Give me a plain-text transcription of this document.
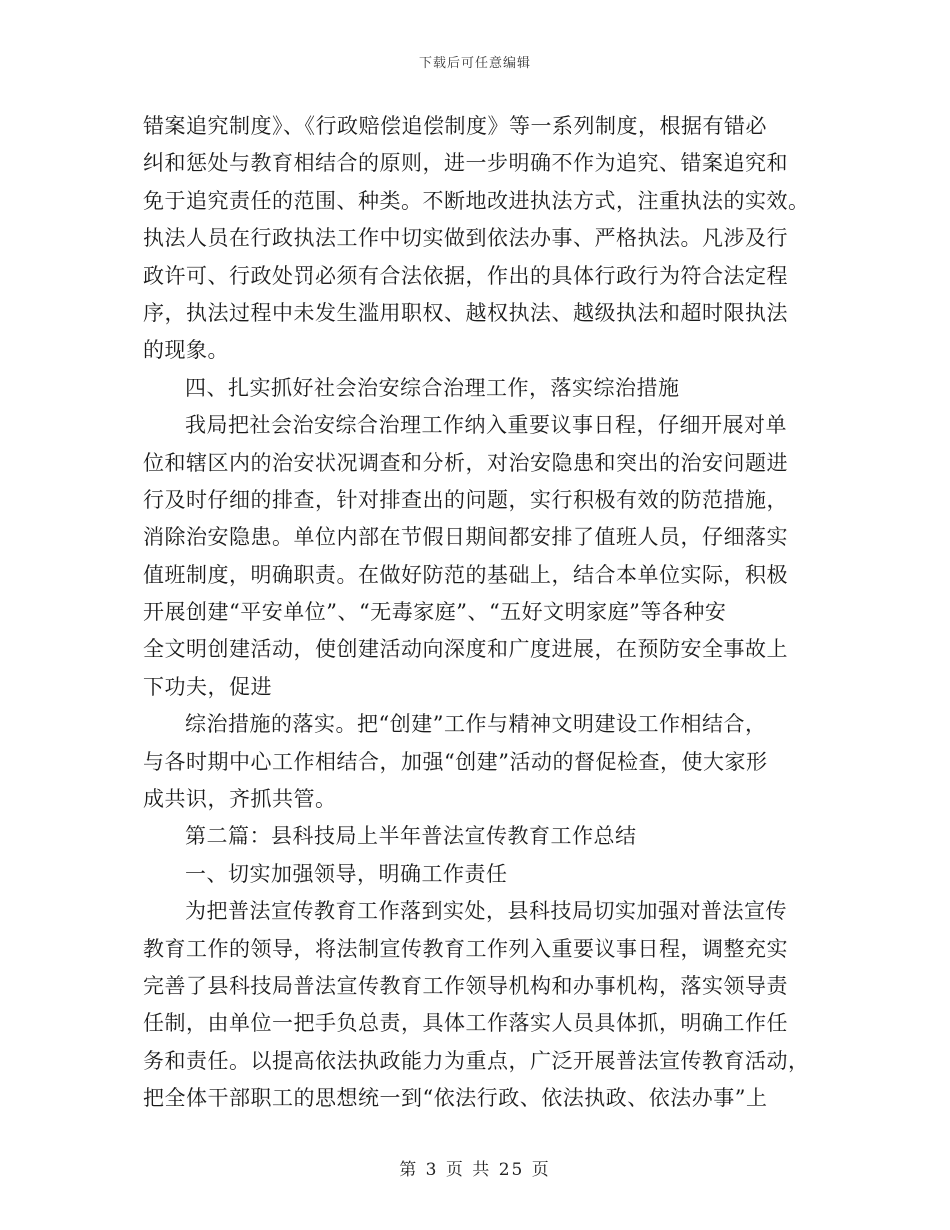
下载后可任意编辑
错案追究制度》、《行政赔偿追偿制度》等一系列制度，根据有错必
纠和惩处与教育相结合的原则，进一步明确不作为追究、错案追究和
免于追究责任的范围、种类。不断地改进执法方式，注重执法的实效。
执法人员在行政执法工作中切实做到依法办事、严格执法。凡涉及行
政许可、行政处罚必须有合法依据，作出的具体行政行为符合法定程
序，执法过程中未发生滥用职权、越权执法、越级执法和超时限执法
的现象。
四、扎实抓好社会治安综合治理工作，落实综治措施
我局把社会治安综合治理工作纳入重要议事日程，仔细开展对单
位和辖区内的治安状况调查和分析，对治安隐患和突出的治安问题进
行及时仔细的排查，针对排查出的问题，实行积极有效的防范措施，
消除治安隐患。单位内部在节假日期间都安排了值班人员，仔细落实
值班制度，明确职责。在做好防范的基础上，结合本单位实际，积极
开展创建“平安单位”、“无毒家庭”、“五好文明家庭”等各种安
全文明创建活动，使创建活动向深度和广度进展，在预防安全事故上
下功夫，促进
综治措施的落实。把“创建”工作与精神文明建设工作相结合，
与各时期中心工作相结合，加强“创建”活动的督促检查，使大家形
成共识，齐抓共管。
第二篇：县科技局上半年普法宣传教育工作总结
一、切实加强领导，明确工作责任
为把普法宣传教育工作落到实处，县科技局切实加强对普法宣传
教育工作的领导，将法制宣传教育工作列入重要议事日程，调整充实
完善了县科技局普法宣传教育工作领导机构和办事机构，落实领导责
任制，由单位一把手负总责，具体工作落实人员具体抓，明确工作任
务和责任。以提高依法执政能力为重点，广泛开展普法宣传教育活动，
把全体干部职工的思想统一到“依法行政、依法执政、依法办事”上
第 3 页 共 25 页
